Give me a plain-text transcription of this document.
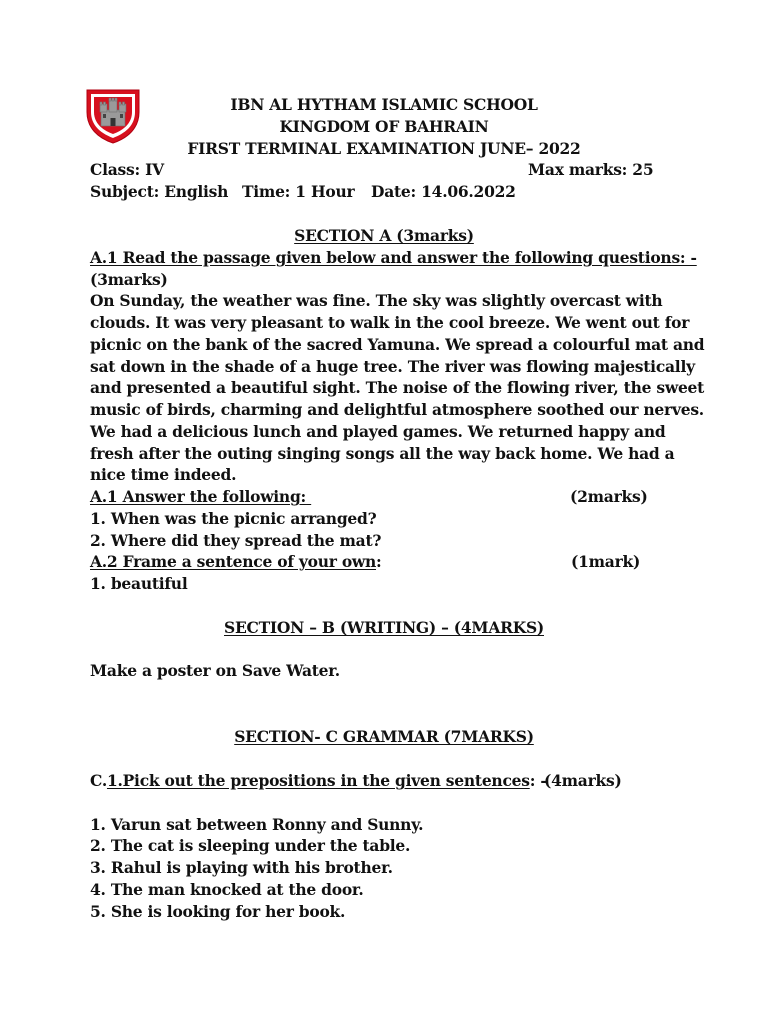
IBN AL HYTHAM ISLAMIC SCHOOL
KINGDOM OF BAHRAIN
FIRST TERMINAL EXAMINATION JUNE– 2022
Class: IV	Max marks: 25
Subject: English Time: 1 Hour Date: 14.06.2022
SECTION A (3marks)
A.1 Read the passage given below and answer the following questions: -
(3marks)
On Sunday, the weather was fine. The sky was slightly overcast with
clouds. It was very pleasant to walk in the cool breeze. We went out for
picnic on the bank of the sacred Yamuna. We spread a colourful mat and
sat down in the shade of a huge tree. The river was flowing majestically
and presented a beautiful sight. The noise of the flowing river, the sweet
music of birds, charming and delightful atmosphere soothed our nerves.
We had a delicious lunch and played games. We returned happy and
fresh after the outing singing songs all the way back home. We had a
nice time indeed.
A.1 Answer the following:	(2marks)
1. When was the picnic arranged?
2. Where did they spread the mat?
A.2 Frame a sentence of your own:	(1mark)
1. beautiful
SECTION – B (WRITING) – (4MARKS)
Make a poster on Save Water.
SECTION- C GRAMMAR (7MARKS)
C.1.Pick out the prepositions in the given sentences: -
(4marks)
1. Varun sat between Ronny and Sunny.
2. The cat is sleeping under the table.
3. Rahul is playing with his brother.
4. The man knocked at the door.
5. She is looking for her book.
